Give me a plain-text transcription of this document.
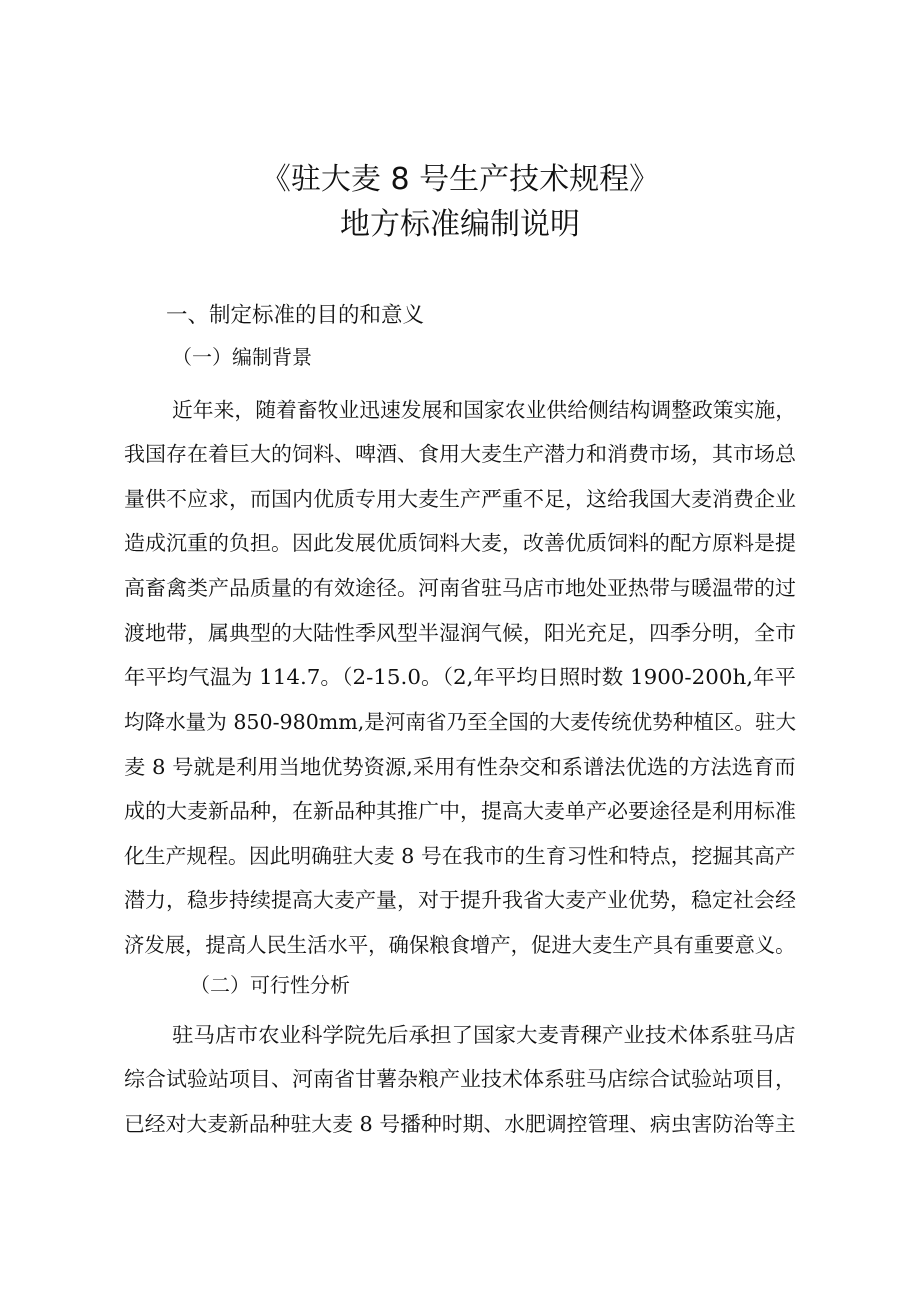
《驻大麦 8 号生产技术规程》
地方标准编制说明
一、制定标准的目的和意义
（一）编制背景
近年来，随着畜牧业迅速发展和国家农业供给侧结构调整政策实施，
我国存在着巨大的饲料、啤酒、食用大麦生产潜力和消费市场，其市场总
量供不应求，而国内优质专用大麦生产严重不足，这给我国大麦消费企业
造成沉重的负担。因此发展优质饲料大麦，改善优质饲料的配方原料是提
高畜禽类产品质量的有效途径。河南省驻马店市地处亚热带与暖温带的过
渡地带，属典型的大陆性季风型半湿润气候，阳光充足，四季分明，全市
年平均气温为 114.7。（2-15.0。（2,年平均日照时数 1900-200h,年平
均降水量为 850-980mm,是河南省乃至全国的大麦传统优势种植区。驻大
麦 8 号就是利用当地优势资源,采用有性杂交和系谱法优选的方法选育而
成的大麦新品种，在新品种其推广中，提高大麦单产必要途径是利用标准
化生产规程。因此明确驻大麦 8 号在我市的生育习性和特点，挖掘其高产
潜力，稳步持续提高大麦产量，对于提升我省大麦产业优势，稳定社会经
济发展，提高人民生活水平，确保粮食增产，促进大麦生产具有重要意义。
（二）可行性分析
驻马店市农业科学院先后承担了国家大麦青稞产业技术体系驻马店
综合试验站项目、河南省甘薯杂粮产业技术体系驻马店综合试验站项目，
已经对大麦新品种驻大麦 8 号播种时期、水肥调控管理、病虫害防治等主
